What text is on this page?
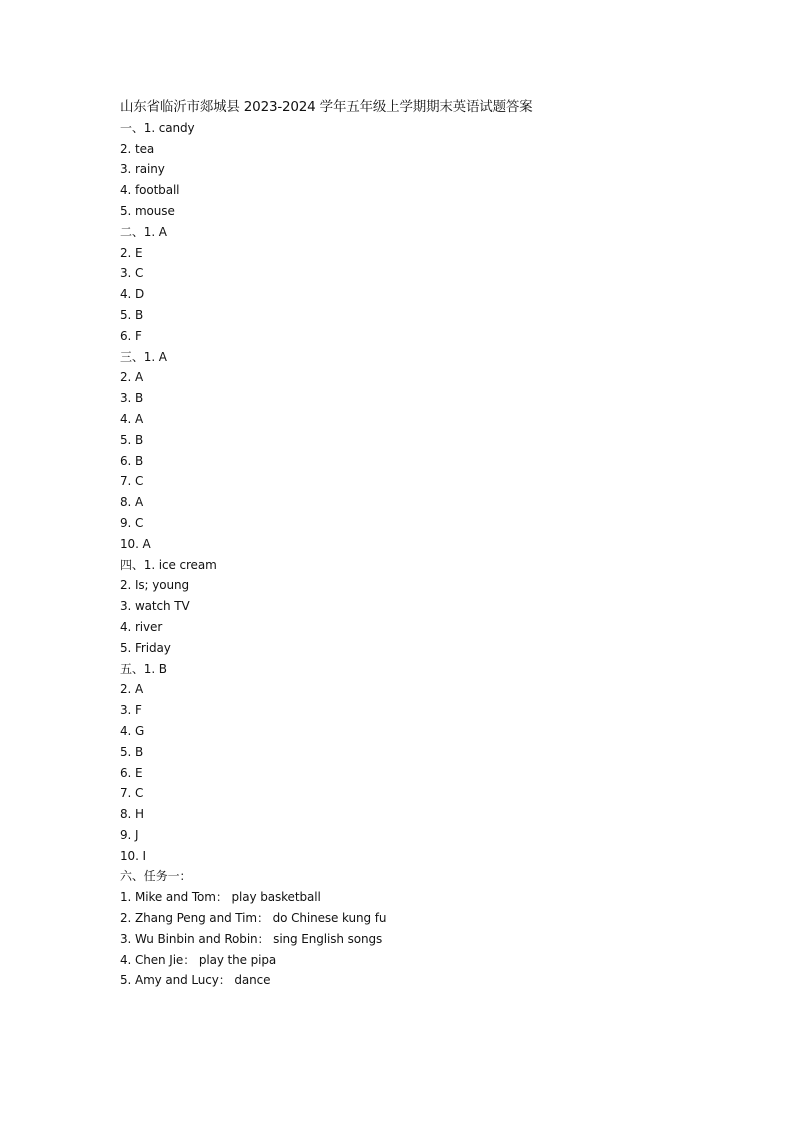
山东省临沂市郯城县 2023-2024 学年五年级上学期期末英语试题答案
一、1. candy
2. tea
3. rainy
4. football
5. mouse
二、1. A
2. E
3. C
4. D
5. B
6. F
三、1. A
2. A
3. B
4. A
5. B
6. B
7. C
8. A
9. C
10. A
四、1. ice cream
2. Is; young
3. watch TV
4. river
5. Friday
五、1. B
2. A
3. F
4. G
5. B
6. E
7. C
8. H
9. J
10. I
六、任务一：
1. Mike and Tom： play basketball
2. Zhang Peng and Tim： do Chinese kung fu
3. Wu Binbin and Robin： sing English songs
4. Chen Jie： play the pipa
5. Amy and Lucy： dance
